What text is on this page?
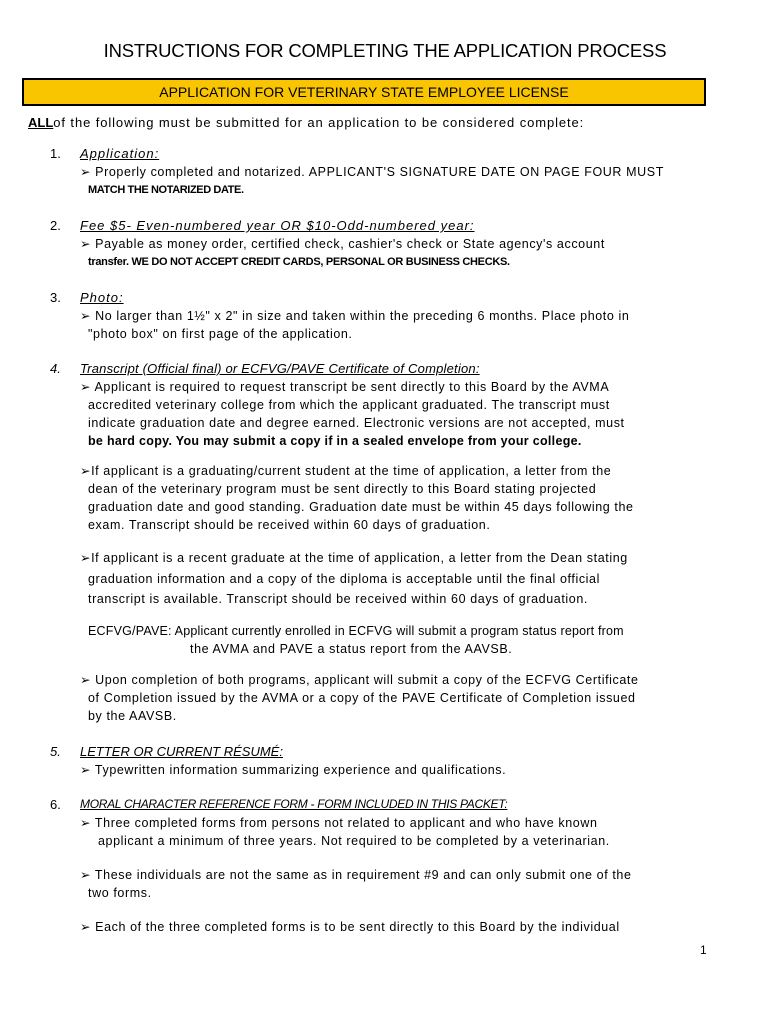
INSTRUCTIONS FOR COMPLETING THE APPLICATION PROCESS
APPLICATION FOR VETERINARY STATE EMPLOYEE LICENSE
ALLof the following must be submitted for an application to be considered complete:
1. Application:
➢ Properly completed and notarized. APPLICANT'S SIGNATURE DATE ON PAGE FOUR MUST
MATCH THE NOTARIZED DATE.
2. Fee $5- Even-numbered year OR $10-Odd-numbered year:
➢ Payable as money order, certified check, cashier's check or State agency's account
transfer. WE DO NOT ACCEPT CREDIT CARDS, PERSONAL OR BUSINESS CHECKS.
3. Photo:
➢ No larger than 1½" x 2" in size and taken within the preceding 6 months. Place photo in
"photo box" on first page of the application.
4. Transcript (Official final) or ECFVG/PAVE Certificate of Completion:
➢ Applicant is required to request transcript be sent directly to this Board by the AVMA
accredited veterinary college from which the applicant graduated. The transcript must
indicate graduation date and degree earned. Electronic versions are not accepted, must
be hard copy. You may submit a copy if in a sealed envelope from your college.
➢If applicant is a graduating/current student at the time of application, a letter from the
dean of the veterinary program must be sent directly to this Board stating projected
graduation date and good standing. Graduation date must be within 45 days following the
exam. Transcript should be received within 60 days of graduation.
➢If applicant is a recent graduate at the time of application, a letter from the Dean stating
graduation information and a copy of the diploma is acceptable until the final official
transcript is available. Transcript should be received within 60 days of graduation.
ECFVG/PAVE: Applicant currently enrolled in ECFVG will submit a program status report from
the AVMA and PAVE a status report from the AAVSB.
➢ Upon completion of both programs, applicant will submit a copy of the ECFVG Certificate
of Completion issued by the AVMA or a copy of the PAVE Certificate of Completion issued
by the AAVSB.
5. LETTER OR CURRENT RÉSUMÉ:
➢ Typewritten information summarizing experience and qualifications.
6. MORAL CHARACTER REFERENCE FORM - FORM INCLUDED IN THIS PACKET:
➢ Three completed forms from persons not related to applicant and who have known
applicant a minimum of three years. Not required to be completed by a veterinarian.
➢ These individuals are not the same as in requirement #9 and can only submit one of the
two forms.
➢ Each of the three completed forms is to be sent directly to this Board by the individual
1
